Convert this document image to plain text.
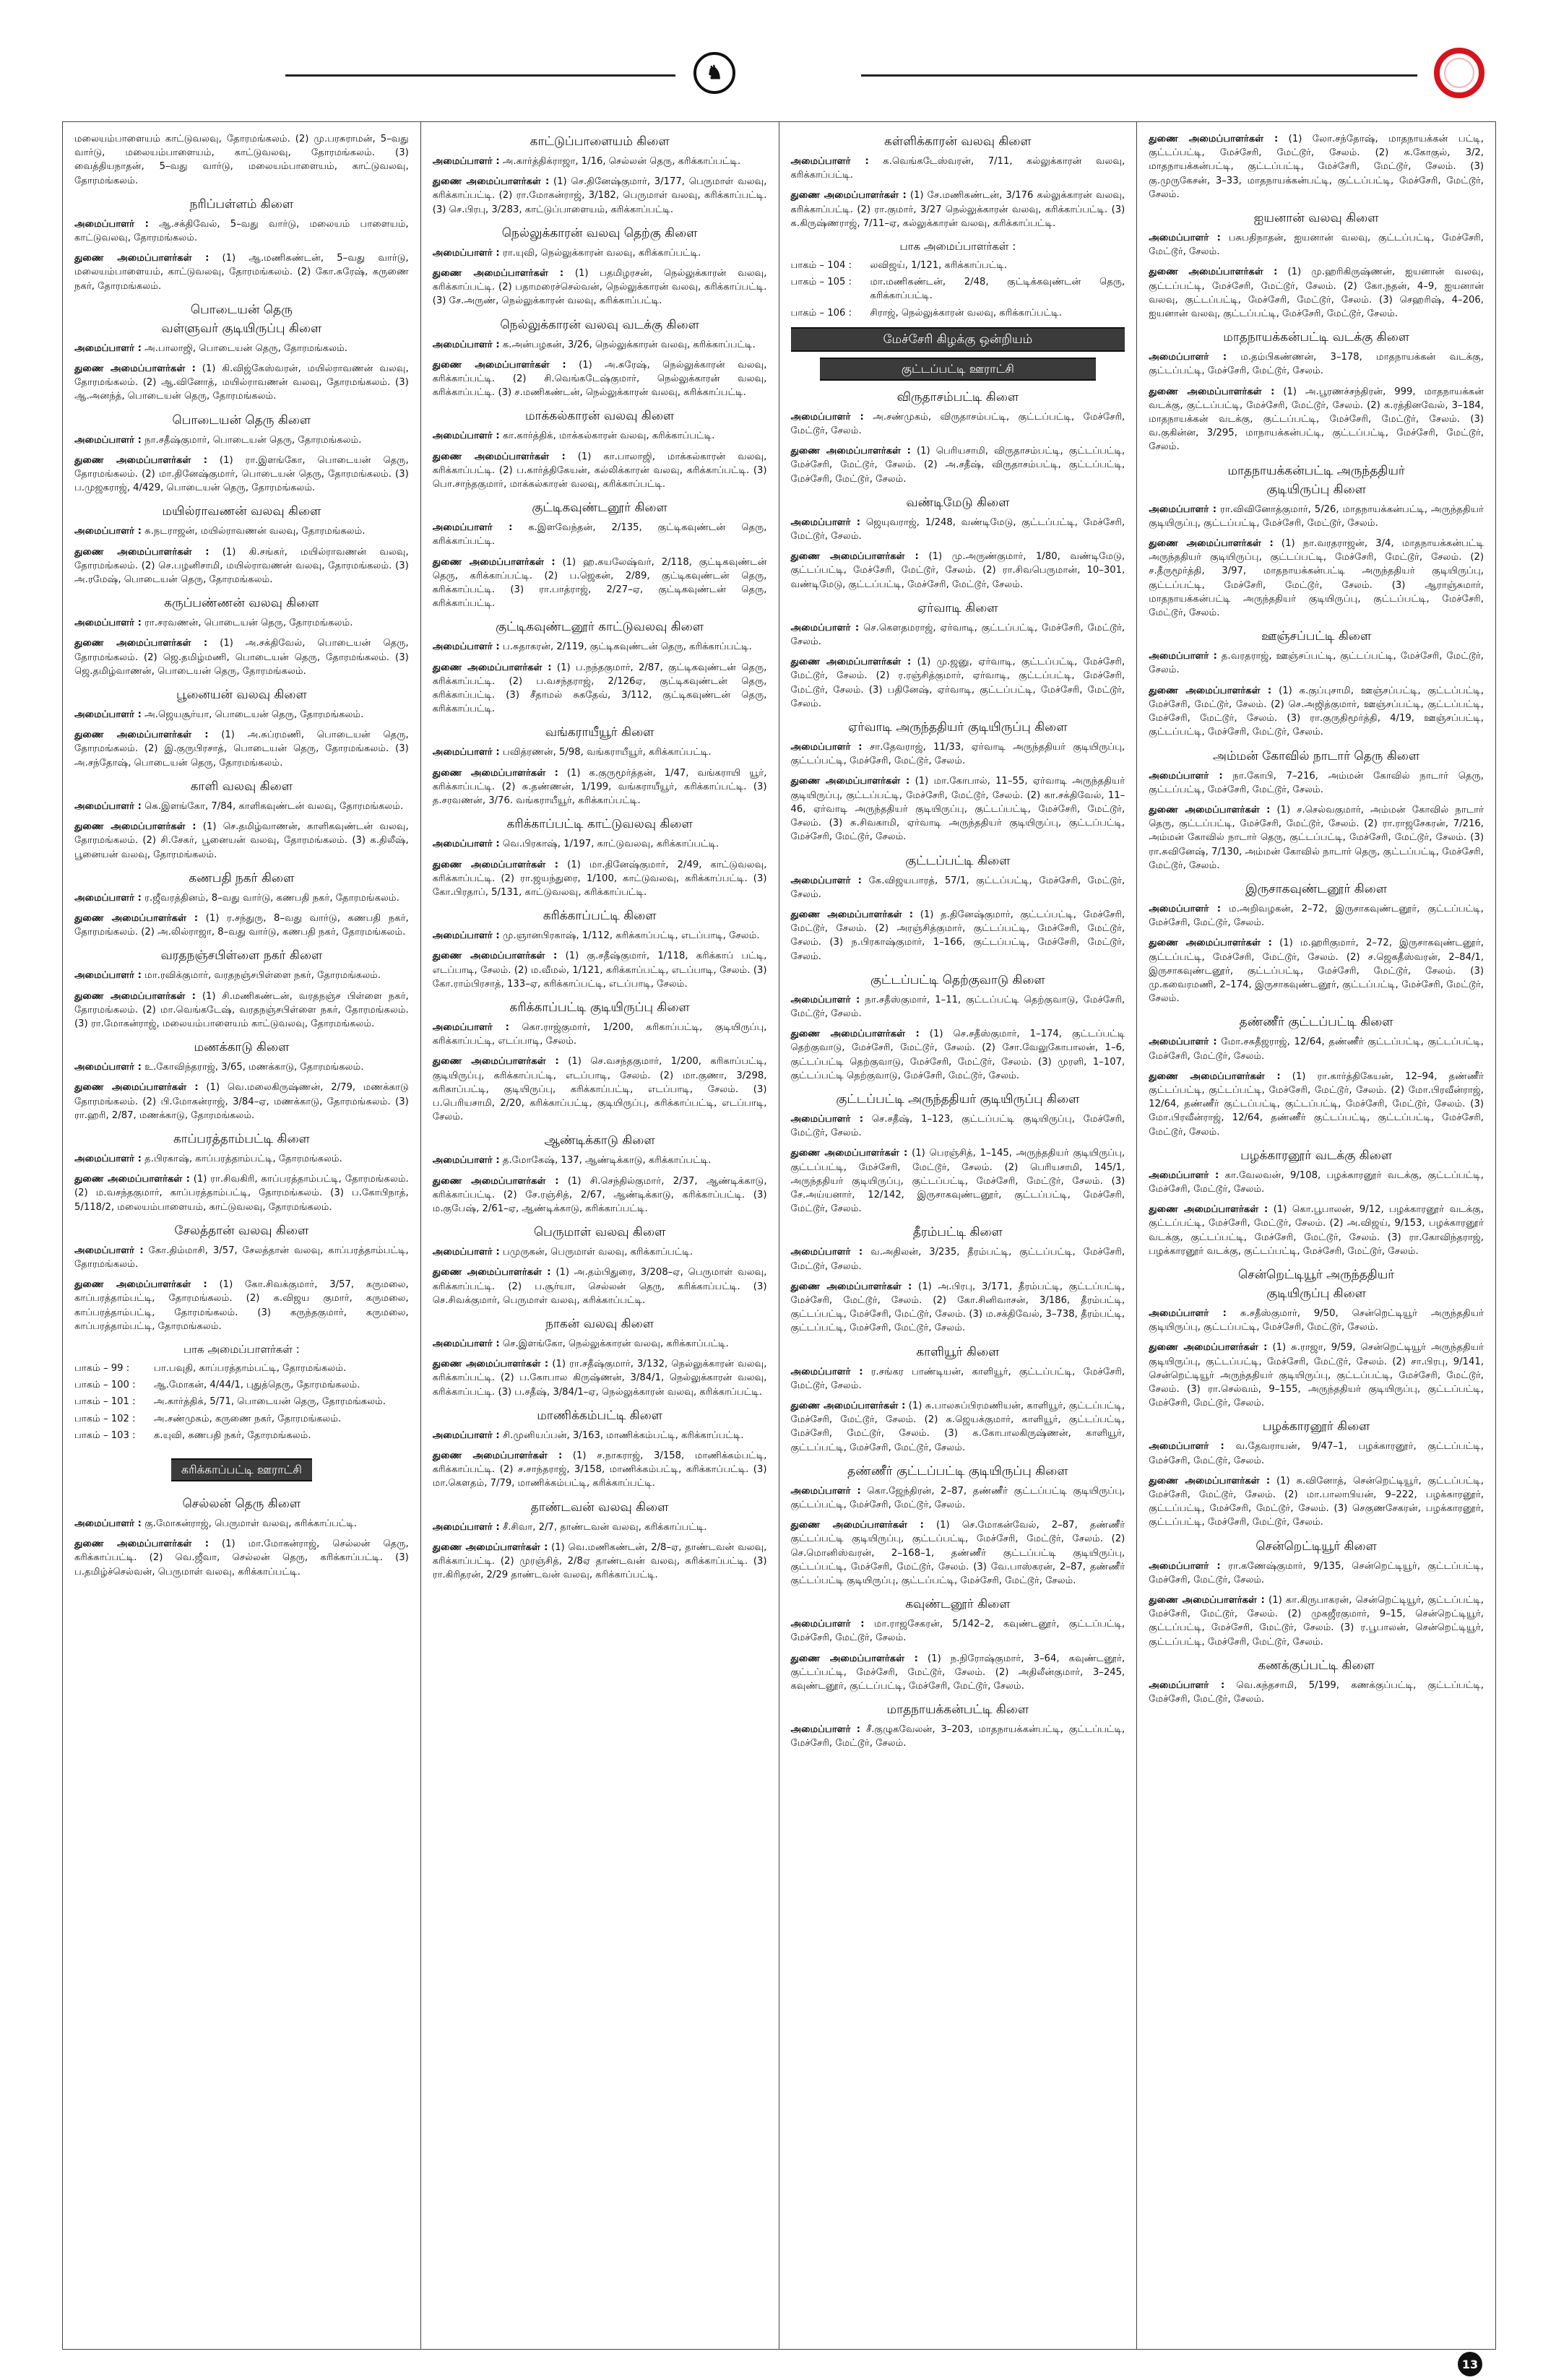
♞
மலையம்பாளையம் காட்டுவலவு, தோரமங்கலம். (2) மு.பரசுராமன், 5–வது வார்டு, மலையம்பாளையம், காட்டுவலவு, தோரமங்கலம். (3) வைத்தியநாதன், 5–வது வார்டு, மலையம்பாளையம், காட்டுவலவு, தோரமங்கலம்.
நரிப்பள்ளம் கிளை
அமைப்பாளர் : ஆ.சக்திவேல், 5–வது வார்டு, மலையம் பாளையம், காட்டுவலவு, தோரமங்கலம்.
துணை அமைப்பாளர்கள் : (1) ஆ.மணிகண்டன், 5–வது வார்டு, மலையம்பாளையம், காட்டுவலவு, தோரமங்கலம். (2) கோ.சுரேஷ், கருணை நகர், தோரமங்கலம்.
பொடையன் தெரு
வள்ளுவர் குடியிருப்பு கிளை
அமைப்பாளர் : அ.பாலாஜி, பொடையன் தெரு, தோரமங்கலம்.
துணை அமைப்பாளர்கள் : (1) கி.விஜ்கேஸ்வரன், மயில்ராவணன் வலவு, தோரமங்கலம். (2) ஆ.வினோத், மயில்ராவணன் வலவு, தோரமங்கலம். (3) ஆ.அனந்த், பொடையன் தெரு, தோரமங்கலம்.
பொடையன் தெரு கிளை
அமைப்பாளர் : நா.சதீஷ்குமார், பொடையன் தெரு, தோரமங்கலம்.
துணை அமைப்பாளர்கள் : (1) ரா.இளங்கோ, பொடையன் தெரு, தோரமங்கலம். (2) மா.தினேஷ்குமார், பொடையன் தெரு, தோரமங்கலம். (3) ப.முஜகராஜ், 4/429, பொடையன் தெரு, தோரமங்கலம்.
மயில்ராவணன் வலவு கிளை
அமைப்பாளர் : சு.நடராஜன், மயில்ராவணன் வலவு, தோரமங்கலம்.
துணை அமைப்பாளர்கள் : (1) கி.சங்கர், மயில்ராவணன் வலவு, தோரமங்கலம். (2) செ.பழனிசாமி, மயில்ராவணன் வலவு, தோரமங்கலம். (3) அ.ரமேஷ், பொடையன் தெரு, தோரமங்கலம்.
கருப்பண்ணன் வலவு கிளை
அமைப்பாளர் : ரா.சரவணன், பொடையன் தெரு, தோரமங்கலம்.
துணை அமைப்பாளர்கள் : (1) அ.சக்திவேல், பொடையன் தெரு, தோரமங்கலம். (2) ஜெ.தமிழ்மணி, பொடையன் தெரு, தோரமங்கலம். (3) ஜெ.தமிழ்வாணன், பொடையன் தெரு, தோரமங்கலம்.
பூனையன் வலவு கிளை
அமைப்பாளர் : அ.ஜெயசூர்யா, பொடையன் தெரு, தோரமங்கலம்.
துணை அமைப்பாளர்கள் : (1) அ.சுப்ரமணி, பொடையன் தெரு, தோரமங்கலம். (2) இ.குருபிரசாத், பொடையன் தெரு, தோரமங்கலம். (3) அ.சந்தோஷ், பொடையன் தெரு, தோரமங்கலம்.
காளி வலவு கிளை
அமைப்பாளர் : கெ.இளங்கோ, 7/84, காளிகவுண்டன் வலவு, தோரமங்கலம்.
துணை அமைப்பாளர்கள் : (1) செ.தமிழ்வாணன், காளிகவுண்டன் வலவு, தோரமங்கலம். (2) சி.சேகர், பூனையன் வலவு, தோரமங்கலம். (3) க.திலீஷ், பூனையன் வலவு, தோரமங்கலம்.
கணபதி நகர் கிளை
அமைப்பாளர் : ர.ஜீவரத்தினம், 8–வது வார்டு, கணபதி நகர், தோரமங்கலம்.
துணை அமைப்பாளர்கள் : (1) ர.சந்துரு, 8–வது வார்டு, கணபதி நகர், தோரமங்கலம். (2) அ.லில்ராஜா, 8–வது வார்டு, கணபதி நகர், தோரமங்கலம்.
வரதநஞ்சபிள்ளை நகர் கிளை
அமைப்பாளர் : மா.ரவிக்குமார், வரதநஞ்சபிள்ளை நகர், தோரமங்கலம்.
துணை அமைப்பாளர்கள் : (1) சி.மணிகண்டன், வரதநஞ்ச பிள்ளை நகர், தோரமங்கலம். (2) மா.வெங்கடேஷ், வரதநஞ்சபிள்ளை நகர், தோரமங்கலம். (3) ரா.மோகன்ராஜ், மலையம்பாளையம் காட்டுவலவு, தோரமங்கலம்.
மணக்காடு கிளை
அமைப்பாளர் : உ.கோவிந்தராஜ், 3/65, மணக்காடு, தோரமங்கலம்.
துணை அமைப்பாளர்கள் : (1) வெ.மலைகிருஷ்ணன், 2/79, மணக்காடு தோரமங்கலம். (2) பி.மோகன்ராஜ், 3/84–ஏ, மணக்காடு, தோரமங்கலம். (3) ரா.ஹரி, 2/87, மணக்காடு, தோரமங்கலம்.
காப்பரத்தாம்பட்டி கிளை
அமைப்பாளர் : த.பிரகாஷ், காப்பரத்தாம்பட்டி, தோரமங்கலம்.
துணை அமைப்பாளர்கள் : (1) ரா.சிவகிரி, காப்பரத்தாம்பட்டி, தோரமங்கலம். (2) ம.வசந்தகுமார், காப்பரத்தாம்பட்டி, தோரமங்கலம். (3) ப.கோபிநாத், 5/118/2, மலையம்பாளையம், காட்டுவலவு, தோரமங்கலம்.
சேலத்தான் வலவு கிளை
அமைப்பாளர் : கோ.திம்மாசி, 3/57, சேலத்தான் வலவு, காப்பரத்தாம்பட்டி, தோரமங்கலம்.
துணை அமைப்பாளர்கள் : (1) கோ.சிவக்குமார், 3/57, கருமலை, காப்பரத்தாம்பட்டி, தோரமங்கலம். (2) க.விஜய குமார், கருமலை, காப்பரத்தாம்பட்டி, தோரமங்கலம். (3) கருந்தகுமார், கருமலை, காப்பரத்தாம்பட்டி, தோரமங்கலம்.
பாக அமைப்பாளர்கள் :
பாகம் – 99 :	பா.பவுதி, காப்பரத்தாம்பட்டி, தோரமங்கலம்.
பாகம் – 100 :	ஆ.மோகன், 4/44/1, புதுத்தெரு, தோரமங்கலம்.
பாகம் – 101 :	அ.கார்த்திக், 5/71, பொடையன் தெரு, தோரமங்கலம்.
பாகம் – 102 :	அ.சண்முகம், கருணை நகர், தோரமங்கலம்.
பாகம் – 103 :	க.யுவி, கணபதி நகர், தோரமங்கலம்.
கரிக்காப்பட்டி ஊராட்சி
செல்லன் தெரு கிளை
அமைப்பாளர் : கு.மோகன்ராஜ், பெருமாள் வலவு, கரிக்காப்பட்டி.
துணை அமைப்பாளர்கள் : (1) மா.மோகன்ராஜ், செல்லன் தெரு, கரிக்காப்பட்டி. (2) வெ.ஜீவா, செல்லன் தெரு, கரிக்காப்பட்டி. (3) ப.தமிழ்ச்செல்வன், பெருமாள் வலவு, கரிக்காப்பட்டி.
காட்டுப்பாளையம் கிளை
அமைப்பாளர் : அ.கார்த்திக்ராஜா, 1/16, செல்லன் தெரு, கரிக்காப்பட்டி.
துணை அமைப்பாளர்கள் : (1) செ.தினேஷ்குமார், 3/177, பெருமாள் வலவு, கரிக்காப்பட்டி. (2) ரா.மோகன்ராஜ், 3/182, பெருமாள் வலவு, கரிக்காப்பட்டி. (3) செ.பிரபு, 3/283, காட்டுப்பாளையம், கரிக்காப்பட்டி.
நெல்லுக்காரன் வலவு தெற்கு கிளை
அமைப்பாளர் : ரா.யுவி, நெல்லுக்காரன் வலவு, கரிக்காப்பட்டி.
துணை அமைப்பாளர்கள் : (1) பதமிழரசன், நெல்லுக்காரன் வலவு, கரிக்காப்பட்டி. (2) பதாமரைச்செல்வன், நெல்லுக்காரன் வலவு, கரிக்காப்பட்டி. (3) சே.அருண், நெல்லுக்காரன் வலவு, கரிக்காப்பட்டி.
நெல்லுக்காரன் வலவு வடக்கு கிளை
அமைப்பாளர் : க.அன்பழகன், 3/26, நெல்லுக்காரன் வலவு, கரிக்காப்பட்டி.
துணை அமைப்பாளர்கள் : (1) அ.சுரேஷ், நெல்லுக்காரன் வலவு, கரிக்காப்பட்டி. (2) சி.வெங்கடேஷ்குமார், நெல்லுக்காரன் வலவு, கரிக்காப்பட்டி. (3) ச.மணிகண்டன், நெல்லுக்காரன் வலவு, கரிக்காப்பட்டி.
மாக்கல்காரன் வலவு கிளை
அமைப்பாளர் : கா.கார்த்திக், மாக்கல்காரன் வலவு, கரிக்காப்பட்டி.
துணை அமைப்பாளர்கள் : (1) கா.பாலாஜி, மாக்கல்காரன் வலவு, கரிக்காப்பட்டி. (2) ப.கார்த்திகேயன், கல்லிக்காரன் வலவு, கரிக்காப்பட்டி. (3) பொ.சாந்தகுமார், மாக்கல்காரன் வலவு, கரிக்காப்பட்டி.
குட்டிகவுண்டனூர் கிளை
அமைப்பாளர் : க.இளவேந்தன், 2/135, குட்டிகவுண்டன் தெரு, கரிக்காப்பட்டி.
துணை அமைப்பாளர்கள் : (1) ஹ.கயலேஷ்வர், 2/118, குட்டிகவுண்டன் தெரு, கரிக்காப்பட்டி. (2) ப.ஜெகன், 2/89, குட்டிகவுண்டன் தெரு, கரிக்காப்பட்டி. (3) ரா.பாத்ராஜ், 2/27–ஏ, குட்டிகவுண்டன் தெரு, கரிக்காப்பட்டி.
குட்டிகவுண்டனூர் காட்டுவலவு கிளை
அமைப்பாளர் : ப.சுதாகரன், 2/119, குட்டிகவுண்டன் தெரு, கரிக்காப்பட்டி.
துணை அமைப்பாளர்கள் : (1) ப.நந்தகுமார், 2/87, குட்டிகவுண்டன் தெரு, கரிக்காப்பட்டி. (2) ப.வசந்தராஜ், 2/126ஏ, குட்டிகவுண்டன் தெரு, கரிக்காப்பட்டி. (3) சீதாமல் சுகதேவ், 3/112, குட்டிகவுண்டன் தெரு, கரிக்காப்பட்டி.
வங்கராயீயூர் கிளை
அமைப்பாளர் : பவித்ரணன், 5/98, வங்கராயீயூர், கரிக்காப்பட்டி.
துணை அமைப்பாளர்கள் : (1) க.குருமூர்த்தன், 1/47, வங்கராயி யூர், கரிக்காப்பட்டி. (2) சு.தண்ணன், 1/199, வங்கராயீயூர், கரிக்காப்பட்டி. (3) த.சரவணன், 3/76. வங்கராயீயூர், கரிக்காப்பட்டி.
கரிக்காப்பட்டி காட்டுவலவு கிளை
அமைப்பாளர் : வெ.பிரகாஷ், 1/197, காட்டுவலவு, கரிக்காப்பட்டி.
துணை அமைப்பாளர்கள் : (1) மா.தினேஷ்குமார், 2/49, காட்டுவலவு, கரிக்காப்பட்டி. (2) ரா.ஜயந்துரை, 1/100, காட்டுவலவு, கரிக்காப்பட்டி. (3) கோ.பிரதாப், 5/131, காட்டுவலவு, கரிக்காப்பட்டி.
கரிக்காப்பட்டி கிளை
அமைப்பாளர் : மு.ஞானபிரகாஷ், 1/112, கரிக்காப்பட்டி, எடப்பாடி, சேலம்.
துணை அமைப்பாளர்கள் : (1) கு.சதீஷ்குமார், 1/118, கரிக்காப் பட்டி, எடப்பாடி, சேலம். (2) ம.வீமல், 1/121, கரிக்காப்பட்டி, எடப்பாடி, சேலம். (3) கோ.ராம்பிரசாத், 133–ஏ, கரிக்காப்பட்டி, எடப்பாடி, சேலம்.
கரிக்காப்பட்டி குடியிருப்பு கிளை
அமைப்பாளர் : கொ.ராஜ்குமார், 1/200, கரிகாப்பட்டி, குடியிருப்பு, கரிக்காப்பட்டி, எடப்பாடி, சேலம்.
துணை அமைப்பாளர்கள் : (1) செ.வசந்தகுமார், 1/200, கரிகாப்பட்டி, குடியிருப்பு, கரிக்காப்பட்டி, எடப்பாடி, சேலம். (2) மா.குணா, 3/298, கரிகாப்பட்டி, குடியிருப்பு, கரிக்காப்பட்டி, எடப்பாடி, சேலம். (3) ப.பெரியசாமி, 2/20, கரிக்காப்பட்டி, குடியிருப்பு, கரிக்காப்பட்டி, எடப்பாடி, சேலம்.
ஆண்டிக்காடு கிளை
அமைப்பாளர் : த.மோகேஷ், 137, ஆண்டிக்காடு, கரிக்காப்பட்டி.
துணை அமைப்பாளர்கள் : (1) சி.செந்தில்குமார், 2/37, ஆண்டிக்காடு, கரிக்காப்பட்டி. (2) சே.ரஞ்சித், 2/67, ஆண்டிக்காடு, கரிக்காப்பட்டி. (3) ம.குபேஷ், 2/61–ஏ, ஆண்டிக்காடு, கரிக்காப்பட்டி.
பெருமாள் வலவு கிளை
அமைப்பாளர் : பமுருகன், பெருமாள் வலவு, கரிக்காப்பட்டி.
துணை அமைப்பாளர்கள் : (1) அ.தம்பிதுரை, 3/208–ஏ, பெருமாள் வலவு, கரிக்காப்பட்டி. (2) ப.சூர்யா, செல்லன் தெரு, கரிக்காப்பட்டி. (3) செ.சிவக்குமார், பெருமாள் வலவு, கரிக்காப்பட்டி.
நாகன் வலவு கிளை
அமைப்பாளர் : செ.இளங்கோ, நெல்லுக்காரன் வலவு, கரிக்காப்பட்டி.
துணை அமைப்பாளர்கள் : (1) ரா.சதீஷ்குமார், 3/132, நெல்லுக்காரன் வலவு, கரிக்காப்பட்டி. (2) ப.கோபால கிருஷ்ணன், 3/84/1, நெல்லுக்காரன் வலவு, கரிக்காப்பட்டி. (3) ப.சதீஷ், 3/84/1–ஏ, நெல்லுக்காரன் வலவு, கரிக்காப்பட்டி.
மாணிக்கம்பட்டி கிளை
அமைப்பாளர் : சி.முனியப்பன், 3/163, மாணிக்கம்பட்டி, கரிக்காப்பட்டி.
துணை அமைப்பாளர்கள் : (1) ச.நாகராஜ், 3/158, மாணிக்கம்பட்டி, கரிக்காப்பட்டி. (2) ச.சாந்தராஜ், 3/158, மாணிக்கம்பட்டி, கரிக்காப்பட்டி. (3) மா.கௌதம், 7/79, மாணிக்கம்பட்டி, கரிக்காப்பட்டி.
தாண்டவன் வலவு கிளை
அமைப்பாளர் : சீ.சிவா, 2/7, தாண்டவன் வலவு, கரிக்காப்பட்டி.
துணை அமைப்பாளர்கள் : (1) வெ.மணிகண்டன், 2/8–ஏ, தாண்டவன் வலவு, கரிக்காப்பட்டி. (2) முரஞ்சித், 2/8ஏ தாண்டவன் வலவு, கரிக்காப்பட்டி. (3) ரா.கிரிதரன், 2/29 தாண்டவன் வலவு, கரிக்காப்பட்டி.
கள்ளிக்காரன் வலவு கிளை
அமைப்பாளர் : க.வெங்கடேஸ்வரன், 7/11, கல்லுக்காரன் வலவு, கரிக்காப்பட்டி.
துணை அமைப்பாளர்கள் : (1) சே.மணிகண்டன், 3/176 கல்லுக்காரன் வலவு, கரிக்காப்பட்டி. (2) ரா.குமார், 3/27 நெல்லுக்காரன் வலவு, கரிக்காப்பட்டி. (3) க.கிருஷ்ணராஜ், 7/11–ஏ, கல்லுக்காரன் வலவு, கரிக்காப்பட்டி.
பாக அமைப்பாளர்கள் :
பாகம் – 104 :	லவிஜய், 1/121, கரிக்காப்பட்டி.
பாகம் – 105 :	மா.மணிகண்டன், 2/48, குட்டிக்கவுண்டன் தெரு, கரிக்காப்பட்டி.
பாகம் – 106 :	சிராஜ், நெல்லுக்காரன் வலவு, கரிக்காப்பட்டி.
மேச்சேரி கிழக்கு ஒன்றியம்
குட்டப்பட்டி ஊராட்சி
விருதாசம்பட்டி கிளை
அமைப்பாளர் : அ.சண்முகம், விருதாசம்பட்டி, குட்டப்பட்டி, மேச்சேரி, மேட்டூர், சேலம்.
துணை அமைப்பாளர்கள் : (1) பெரியசாமி, விருதாசம்பட்டி, குட்டப்பட்டி, மேச்சேரி, மேட்டூர், சேலம். (2) அ.சதீஷ், விருதாசம்பட்டி, குட்டப்பட்டி, மேச்சேரி, மேட்டூர், சேலம்.
வண்டிமேடு கிளை
அமைப்பாளர் : ஜெயுவராஜ், 1/248, வண்டிமேடு, குட்டப்பட்டி, மேச்சேரி, மேட்டூர், சேலம்.
துணை அமைப்பாளர்கள் : (1) மு.அருண்குமார், 1/80, வண்டிமேடு, குட்டப்பட்டி, மேச்சேரி, மேட்டூர், சேலம். (2) ரா.சிவபெருமான், 10–301, வண்டிமேடு, குட்டப்பட்டி, மேச்சேரி, மேட்டூர், சேலம்.
ஏர்வாடி கிளை
அமைப்பாளர் : செ.கௌதமராஜ், ஏர்வாடி, குட்டப்பட்டி, மேச்சேரி, மேட்டூர், சேலம்.
துணை அமைப்பாளர்கள் : (1) மு.ஜனு, ஏர்வாடி, குட்டப்பட்டி, மேச்சேரி, மேட்டூர், சேலம். (2) ர.ரஞ்சித்குமார், ஏர்வாடி, குட்டப்பட்டி, மேச்சேரி, மேட்டூர், சேலம். (3) பதினேஷ், ஏர்வாடி, குட்டப்பட்டி, மேச்சேரி, மேட்டூர், சேலம்.
ஏர்வாடி அருந்ததியர் குடியிருப்பு கிளை
அமைப்பாளர் : சா.தேவராஜ், 11/33, ஏர்வாடி அருந்ததியர் குடியிருப்பு, குட்டப்பட்டி, மேச்சேரி, மேட்டூர், சேலம்.
துணை அமைப்பாளர்கள் : (1) மா.கோபால், 11–55, ஏர்வாடி அருந்ததியர் குடியிருப்பு, குட்டப்பட்டி, மேச்சேரி, மேட்டூர், சேலம். (2) கா.சக்திவேல், 11–46, ஏர்வாடி அருந்ததியர் குடியிருப்பு, குட்டப்பட்டி, மேச்சேரி, மேட்டூர், சேலம். (3) சு.சிவகாமி, ஏர்வாடி அருந்ததியர் குடியிருப்பு, குட்டப்பட்டி, மேச்சேரி, மேட்டூர், சேலம்.
குட்டப்பட்டி கிளை
அமைப்பாளர் : கே.விஜயபாரத், 57/1, குட்டப்பட்டி, மேச்சேரி, மேட்டூர், சேலம்.
துணை அமைப்பாளர்கள் : (1) த.தினேஷ்குமார், குட்டப்பட்டி, மேச்சேரி, மேட்டூர், சேலம். (2) அரஞ்சித்குமார், குட்டப்பட்டி, மேச்சேரி, மேட்டூர், சேலம். (3) ந.பிரகாஷ்குமார், 1–166, குட்டப்பட்டி, மேச்சேரி, மேட்டூர், சேலம்.
குட்டப்பட்டி தெற்குவாடு கிளை
அமைப்பாளர் : நா.சதீஸ்குமார், 1–11, குட்டப்பட்டி தெற்குவாடு, மேச்சேரி, மேட்டூர், சேலம்.
துணை அமைப்பாளர்கள் : (1) செ.சதீஸ்குமார், 1–174, குட்டப்பட்டி தெற்குவாடு, மேச்சேரி, மேட்டூர், சேலம். (2) சோ.வேலுகோபாலன், 1–6, குட்டப்பட்டி தெற்குவாடு, மேச்சேரி, மேட்டூர், சேலம். (3) முரளி, 1–107, குட்டப்பட்டி தெற்குவாடு, மேச்சேரி, மேட்டூர், சேலம்.
குட்டப்பட்டி அருந்ததியர் குடியிருப்பு கிளை
அமைப்பாளர் : செ.சதீஷ், 1–123, குட்டப்பட்டி குடியிருப்பு, மேச்சேரி, மேட்டூர், சேலம்.
துணை அமைப்பாளர்கள் : (1) பெரஞ்சித், 1–145, அருந்ததியர் குடியிருப்பு, குட்டப்பட்டி, மேச்சேரி, மேட்டூர், சேலம். (2) பெரியசாமி, 145/1, அருந்ததியர் குடியிருப்பு, குட்டப்பட்டி, மேச்சேரி, மேட்டூர், சேலம். (3) சே.அய்யனார், 12/142, இருசாகவுண்டனூர், குட்டப்பட்டி, மேச்சேரி, மேட்டூர், சேலம்.
தீரம்பட்டி கிளை
அமைப்பாளர் : வ.அதிலன், 3/235, தீரம்பட்டி, குட்டப்பட்டி, மேச்சேரி, மேட்டூர், சேலம்.
துணை அமைப்பாளர்கள் : (1) அ.பிரபு, 3/171, தீரம்பட்டி, குட்டப்பட்டி, மேச்சேரி, மேட்டூர், சேலம். (2) கோ.சினிவாசன், 3/186, தீரம்பட்டி, குட்டப்பட்டி, மேச்சேரி, மேட்டூர், சேலம். (3) ம.சக்திவேல், 3–738, தீரம்பட்டி, குட்டப்பட்டி, மேச்சேரி, மேட்டூர், சேலம்.
காளியூர் கிளை
அமைப்பாளர் : ர.சங்கர பாண்டியன், காளியூர், குட்டப்பட்டி, மேச்சேரி, மேட்டூர், சேலம்.
துணை அமைப்பாளர்கள் : (1) சு.பாலசுப்பிரமணியன், காளியூர், குட்டப்பட்டி, மேச்சேரி, மேட்டூர், சேலம். (2) க.ஜெயக்குமார், காளியூர், குட்டப்பட்டி, மேச்சேரி, மேட்டூர், சேலம். (3) க.கோபாலகிருஷ்ணன், காளியூர், குட்டப்பட்டி, மேச்சேரி, மேட்டூர், சேலம்.
தண்ணீர் குட்டப்பட்டி குடியிருப்பு கிளை
அமைப்பாளர் : கொ.ஜேந்திரன், 2–87, தண்ணீர் குட்டப்பட்டி குடியிருப்பு, குட்டப்பட்டி, மேச்சேரி, மேட்டூர், சேலம்.
துணை அமைப்பாளர்கள் : (1) செ.மோகன்வேல், 2–87, தண்ணீர் குட்டப்பட்டி குடியிருப்பு, குட்டப்பட்டி, மேச்சேரி, மேட்டூர், சேலம். (2) செ.மொனிஸ்வரன், 2–168–1, தண்ணீர் குட்டப்பட்டி குடியிருப்பு, குட்டப்பட்டி, மேச்சேரி, மேட்டூர், சேலம். (3) வே.பாஸ்கரன், 2–87, தண்ணீர் குட்டப்பட்டி குடியிருப்பு, குட்டப்பட்டி, மேச்சேரி, மேட்டூர், சேலம்.
கவுண்டனூர் கிளை
அமைப்பாளர் : மா.ராஜசேகரன், 5/142–2, கவுண்டனூர், குட்டப்பட்டி, மேச்சேரி, மேட்டூர், சேலம்.
துணை அமைப்பாளர்கள் : (1) ந.நிரோஷ்குமார், 3–64, கவுண்டனூர், குட்டப்பட்டி, மேச்சேரி, மேட்டூர், சேலம். (2) அதிலீன்குமார், 3–245, கவுண்டனூர், குட்டப்பட்டி, மேச்சேரி, மேட்டூர், சேலம்.
மாதநாயக்கன்பட்டி கிளை
அமைப்பாளர் : சீ.குழுகவேலன், 3–203, மாதநாயக்கன்பட்டி, குட்டப்பட்டி, மேச்சேரி, மேட்டூர், சேலம்.
துணை அமைப்பாளர்கள் : (1) லோ.சந்தோஷ், மாதநாயக்கன் பட்டி, குட்டப்பட்டி, மேச்சேரி, மேட்டூர், சேலம். (2) க.கோகுல், 3/2, மாதநாயக்கன்பட்டி, குட்டப்பட்டி, மேச்சேரி, மேட்டூர், சேலம். (3) கு.முருகேசன், 3–33, மாதநாயக்கன்பட்டி, குட்டப்பட்டி, மேச்சேரி, மேட்டூர், சேலம்.
ஐயனான் வலவு கிளை
அமைப்பாளர் : பசுபதிநாதன், ஐயனான் வலவு, குட்டப்பட்டி, மேச்சேரி, மேட்டூர், சேலம்.
துணை அமைப்பாளர்கள் : (1) மு.ஹரிகிருஷ்ணன், ஐயனான் வலவு, குட்டப்பட்டி, மேச்சேரி, மேட்டூர், சேலம். (2) கோ.நதன், 4–9, ஐயனான் வலவு, குட்டப்பட்டி, மேச்சேரி, மேட்டூர், சேலம். (3) செஹரிஷ், 4–206, ஐயனான் வலவு, குட்டப்பட்டி, மேச்சேரி, மேட்டூர், சேலம்.
மாதநாயக்கன்பட்டி வடக்கு கிளை
அமைப்பாளர் : ம.தம்பிகண்ணன், 3–178, மாதநாயக்கன் வடக்கு, குட்டப்பட்டி, மேச்சேரி, மேட்டூர், சேலம்.
துணை அமைப்பாளர்கள் : (1) அ.பூரணச்சந்திரன், 999, மாதநாயக்கன் வடக்கு, குட்டப்பட்டி, மேச்சேரி, மேட்டூர், சேலம். (2) க.ரத்தினவேல், 3–184, மாதநாயக்கன் வடக்கு, குட்டப்பட்டி, மேச்சேரி, மேட்டூர், சேலம். (3) வ.குகின்ன, 3/295, மாநாயக்கன்பட்டி, குட்டப்பட்டி, மேச்சேரி, மேட்டூர், சேலம்.
மாதநாயக்கன்பட்டி அருந்ததியர்
குடியிருப்பு கிளை
அமைப்பாளர் : ரா.விவினோத்குமார், 5/26, மாதநாயக்கன்பட்டி, அருந்ததியர் குடியிருப்பு, குட்டப்பட்டி, மேச்சேரி, மேட்டூர், சேலம்.
துணை அமைப்பாளர்கள் : (1) நா.வரதராஜன், 3/4, மாதநாயக்கன்பட்டி அருந்ததியர் குடியிருப்பு, குட்டப்பட்டி, மேச்சேரி, மேட்டூர், சேலம். (2) ச.தீருமூர்த்தி, 3/97, மாதநாயக்கன்பட்டி அருந்ததியர் குடியிருப்பு, குட்டப்பட்டி, மேச்சேரி, மேட்டூர், சேலம். (3) ஆராஞ்சுமார், மாதநாயக்கன்பட்டி அருந்ததியர் குடியிருப்பு, குட்டப்பட்டி, மேச்சேரி, மேட்டூர், சேலம்.
ஊஞ்சப்பட்டி கிளை
அமைப்பாளர் : த.வரதராஜ், ஊஞ்சப்பட்டி, குட்டப்பட்டி, மேச்சேரி, மேட்டூர், சேலம்.
துணை அமைப்பாளர்கள் : (1) க.குப்புசாமி, ஊஞ்சப்பட்டி, குட்டப்பட்டி, மேச்சேரி, மேட்டூர், சேலம். (2) செ.அஜித்குமார், ஊஞ்சப்பட்டி, குட்டப்பட்டி, மேச்சேரி, மேட்டூர், சேலம். (3) ரா.குருதிமூர்த்தி, 4/19, ஊஞ்சப்பட்டி, குட்டப்பட்டி, மேச்சேரி, மேட்டூர், சேலம்.
அம்மன் கோவில் நாடார் தெரு கிளை
அமைப்பாளர் : நா.கோபி, 7–216, அம்மன் கோவில் நாடார் தெரு, குட்டப்பட்டி, மேச்சேரி, மேட்டூர், சேலம்.
துணை அமைப்பாளர்கள் : (1) ச.செல்வகுமார், அம்மன் கோவில் நாடார் தெரு, குட்டப்பட்டி, மேச்சேரி, மேட்டூர், சேலம். (2) ரா.ராஜசேகரன், 7/216, அம்மன் கோவில் நாடார் தெரு, குட்டப்பட்டி, மேச்சேரி, மேட்டூர், சேலம். (3) ரா.சுவினேஷ், 7/130, அம்மன் கோவில் நாடார் தெரு, குட்டப்பட்டி, மேச்சேரி, மேட்டூர், சேலம்.
இருசாகவுண்டனூர் கிளை
அமைப்பாளர் : ம.அறிவழகன், 2–72, இருசாகவுண்டனூர், குட்டப்பட்டி, மேச்சேரி, மேட்டூர், சேலம்.
துணை அமைப்பாளர்கள் : (1) ம.ஹரிகுமார், 2–72, இருசாகவுண்டனூர், குட்டப்பட்டி, மேச்சேரி, மேட்டூர், சேலம். (2) ச.ஜெகதீஸ்வரன், 2–84/1, இருசாகவுண்டனூர், குட்டப்பட்டி, மேச்சேரி, மேட்டூர், சேலம். (3) மு.கவைரமணி, 2–174, இருசாகவுண்டனூர், குட்டப்பட்டி, மேச்சேரி, மேட்டூர், சேலம்.
தண்ணீர் குட்டப்பட்டி கிளை
அமைப்பாளர் : மோ.சசுதீஜராஜ், 12/64, தண்ணீர் குட்டப்பட்டி, குட்டப்பட்டி, மேச்சேரி, மேட்டூர், சேலம்.
துணை அமைப்பாளர்கள் : (1) ரா.கார்த்திகேயன், 12–94, தண்ணீர் குட்டப்பட்டி, குட்டப்பட்டி, மேச்சேரி, மேட்டூர், சேலம். (2) மோ.பிரவீன்ராஜ், 12/64, தண்ணீர் குட்டப்பட்டி, குட்டப்பட்டி, மேச்சேரி, மேட்டூர், சேலம். (3) மோ.பிரவீன்ராஜ், 12/64, தண்ணீர் குட்டப்பட்டி, குட்டப்பட்டி, மேச்சேரி, மேட்டூர், சேலம்.
பழக்காரனூர் வடக்கு கிளை
அமைப்பாளர் : கா.வேலவன், 9/108, பழக்காரனூர் வடக்கு, குட்டப்பட்டி, மேச்சேரி, மேட்டூர், சேலம்.
துணை அமைப்பாளர்கள் : (1) கொ.பூபாலன், 9/12, பழக்காரனூர் வடக்கு, குட்டப்பட்டி, மேச்சேரி, மேட்டூர், சேலம். (2) அ.விஜய், 9/153, பழக்காரனூர் வடக்கு, குட்டப்பட்டி, மேச்சேரி, மேட்டூர், சேலம். (3) ரா.கோவிந்தராஜ், பழக்காரனூர் வடக்கு, குட்டப்பட்டி, மேச்சேரி, மேட்டூர், சேலம்.
சென்றெட்டியூர் அருந்ததியர்
குடியிருப்பு கிளை
அமைப்பாளர் : சு.சதீஸ்குமார், 9/50, சென்றெட்டியூர் அருந்ததியர் குடியிருப்பு, குட்டப்பட்டி, மேச்சேரி, மேட்டூர், சேலம்.
துணை அமைப்பாளர்கள் : (1) சு.ராஜா, 9/59, சென்றெட்டியூர் அருந்ததியர் குடியிருப்பு, குட்டப்பட்டி, மேச்சேரி, மேட்டூர், சேலம். (2) சா.பிரபு, 9/141, சென்றெட்டியூர் அருந்ததியர் குடியிருப்பு, குட்டப்பட்டி, மேச்சேரி, மேட்டூர், சேலம். (3) ரா.செல்வம், 9–155, அருந்ததியர் குடியிருப்பு, குட்டப்பட்டி, மேச்சேரி, மேட்டூர், சேலம்.
பழக்காரனூர் கிளை
அமைப்பாளர் : வ.தேவராயன், 9/47–1, பழக்காரனூர், குட்டப்பட்டி, மேச்சேரி, மேட்டூர், சேலம்.
துணை அமைப்பாளர்கள் : (1) சு.வினோத், சென்றெட்டியூர், குட்டப்பட்டி, மேச்சேரி, மேட்டூர், சேலம். (2) மா.பாலாபியன், 9–222, பழக்காரனூர், குட்டப்பட்டி, மேச்சேரி, மேட்டூர், சேலம். (3) செகுணசேகரன், பழக்காரனூர், குட்டப்பட்டி, மேச்சேரி, மேட்டூர், சேலம்.
சென்றெட்டியூர் கிளை
அமைப்பாளர் : ரா.கணேஷ்குமார், 9/135, சென்றெட்டியூர், குட்டப்பட்டி, மேச்சேரி, மேட்டூர், சேலம்.
துணை அமைப்பாளர்கள் : (1) கா.கிருபாகரன், சென்றெட்டியூர், குட்டப்பட்டி, மேச்சேரி, மேட்டூர், சேலம். (2) முகஜீரகுமார், 9–15, சென்றெட்டியூர், குட்டப்பட்டி, மேச்சேரி, மேட்டூர், சேலம். (3) ர.பூபாலன், சென்றெட்டியூர், குட்டப்பட்டி, மேச்சேரி, மேட்டூர், சேலம்.
கணக்குப்பட்டி கிளை
அமைப்பாளர் : வெ.கந்தசாமி, 5/199, கணக்குப்பட்டி, குட்டப்பட்டி, மேச்சேரி, மேட்டூர், சேலம்.
13
